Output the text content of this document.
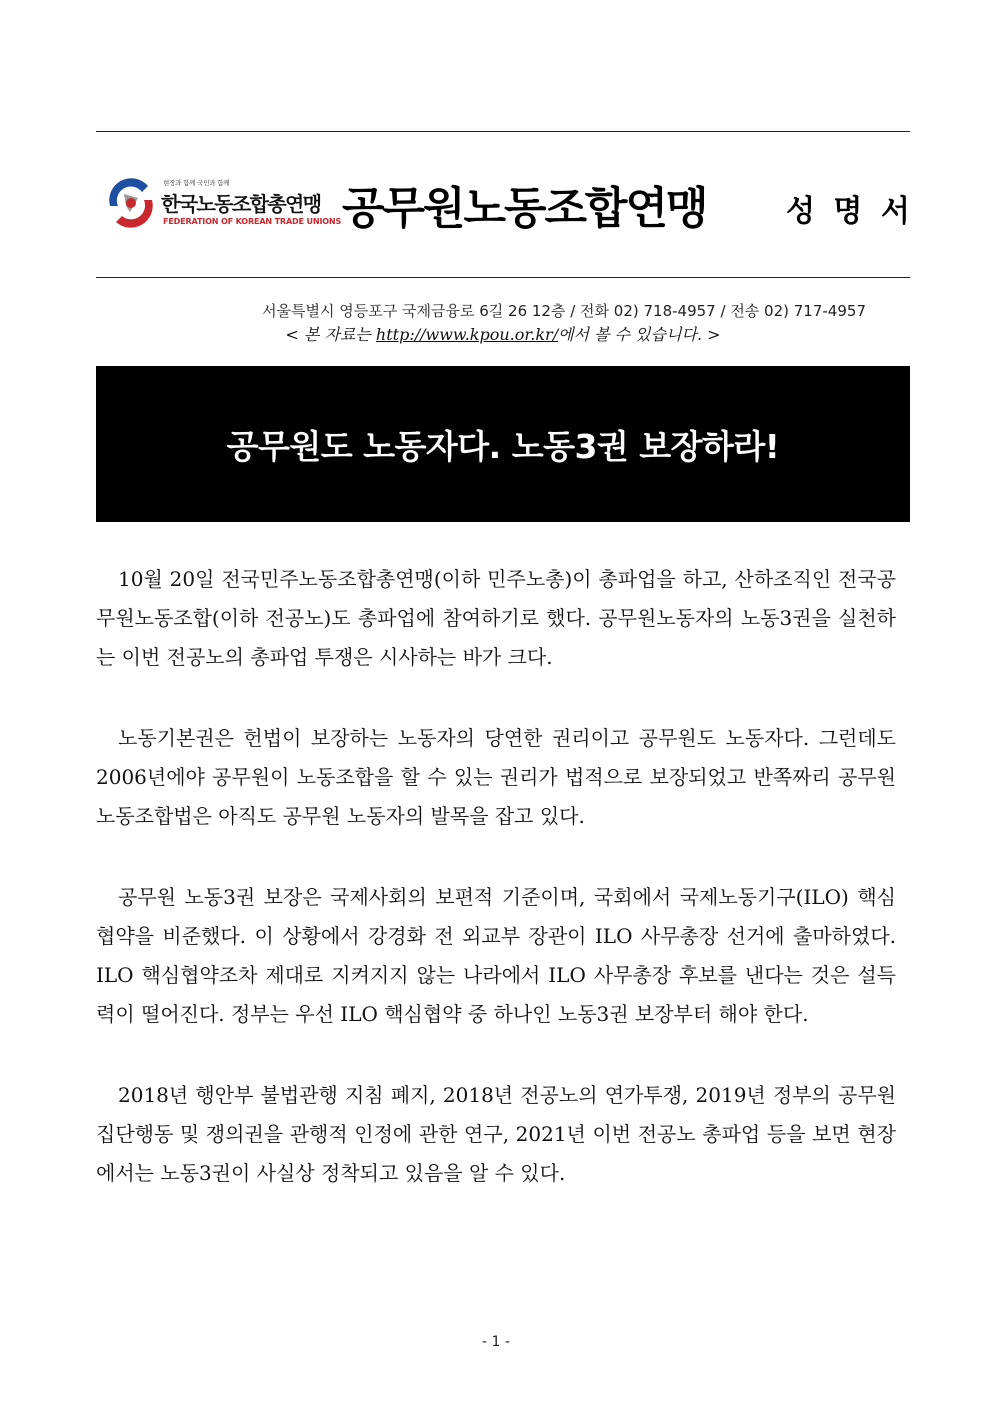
현장과 함께 국민과 함께
한국노동조합총연맹
FEDERATION OF KOREAN TRADE UNIONS 공무원노동조합연맹	성 명 서
서울특별시 영등포구 국제금융로 6길 26 12층 / 전화 02) 718-4957 / 전송 02) 717-4957
< 본 자료는 http://www.kpou.or.kr/에서 볼 수 있습니다. >
공무원도 노동자다. 노동3권 보장하라!

10월 20일 전국민주노동조합총연맹(이하 민주노총)이 총파업을 하고, 산하조직인 전국공무원노동조합(이하 전공노)도 총파업에 참여하기로 했다. 공무원노동자의 노동3권을 실천하는 이번 전공노의 총파업 투쟁은 시사하는 바가 크다.

노동기본권은 헌법이 보장하는 노동자의 당연한 권리이고 공무원도 노동자다. 그런데도 2006년에야 공무원이 노동조합을 할 수 있는 권리가 법적으로 보장되었고 반쪽짜리 공무원노동조합법은 아직도 공무원 노동자의 발목을 잡고 있다.

공무원 노동3권 보장은 국제사회의 보편적 기준이며, 국회에서 국제노동기구(ILO) 핵심협약을 비준했다. 이 상황에서 강경화 전 외교부 장관이 ILO 사무총장 선거에 출마하였다. ILO 핵심협약조차 제대로 지켜지지 않는 나라에서 ILO 사무총장 후보를 낸다는 것은 설득력이 떨어진다. 정부는 우선 ILO 핵심협약 중 하나인 노동3권 보장부터 해야 한다.

2018년 행안부 불법관행 지침 폐지, 2018년 전공노의 연가투쟁, 2019년 정부의 공무원 집단행동 및 쟁의권을 관행적 인정에 관한 연구, 2021년 이번 전공노 총파업 등을 보면 현장에서는 노동3권이 사실상 정착되고 있음을 알 수 있다.

- 1 -
